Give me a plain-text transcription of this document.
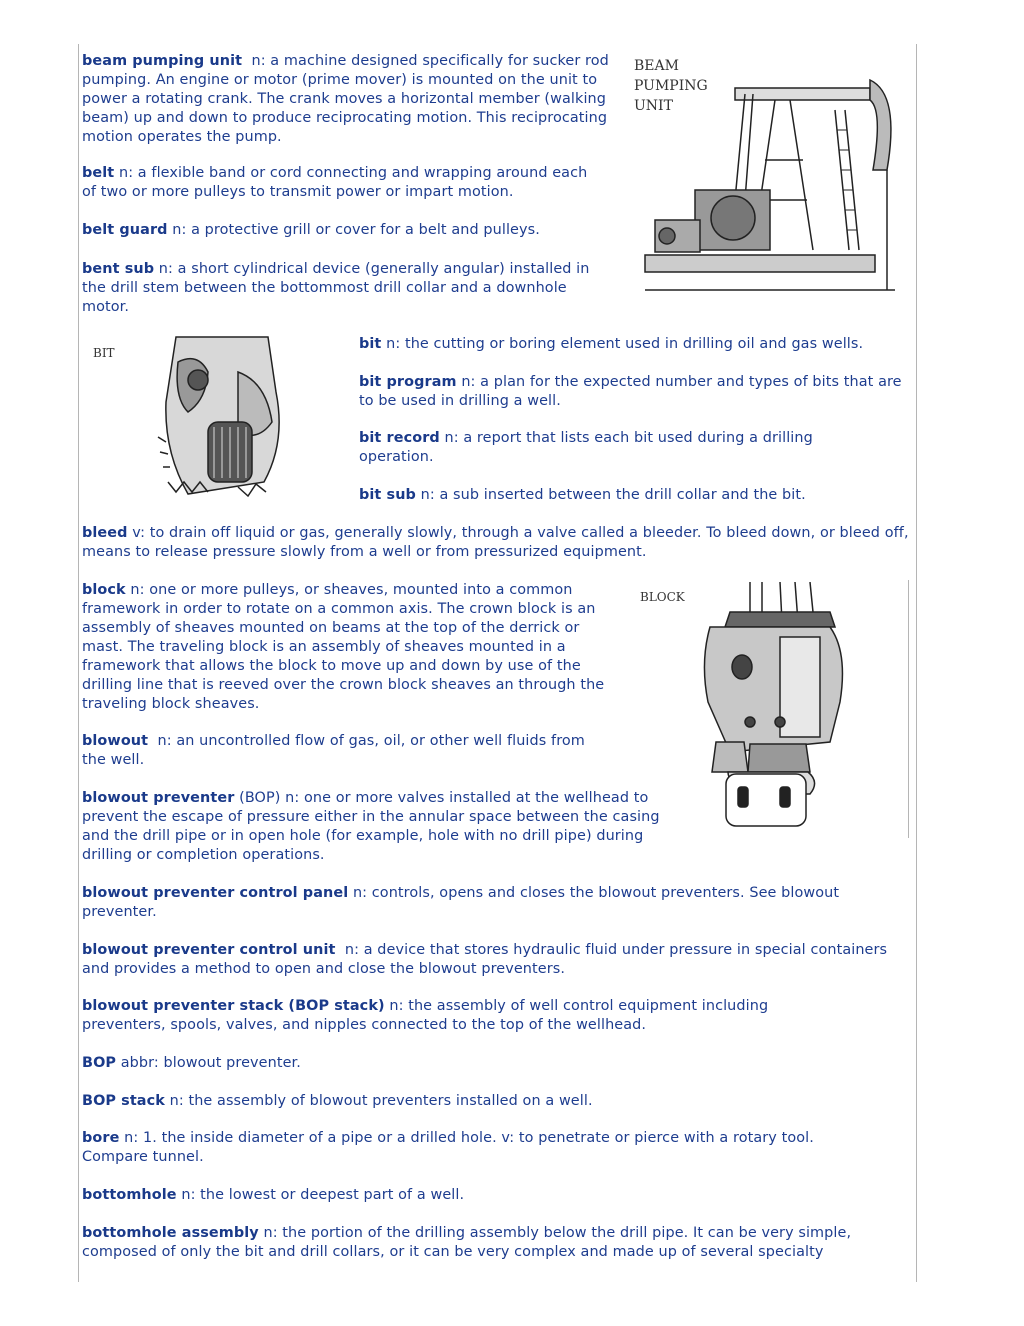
beam pumping unit n: a machine designed specifically for sucker rod pumping. An engine or motor (prime mover) is mounted on the unit to power a rotating crank. The crank moves a horizontal member (walking beam) up and down to produce reciprocating motion. This reciprocating motion operates the pump.

belt n: a flexible band or cord connecting and wrapping around each of two or more pulleys to transmit power or impart motion.

belt guard n: a protective grill or cover for a belt and pulleys.

bent sub n: a short cylindrical device (generally angular) installed in the drill stem between the bottommost drill collar and a downhole motor.

bit n: the cutting or boring element used in drilling oil and gas wells.

bit program n: a plan for the expected number and types of bits that are to be used in drilling a well.

bit record n: a report that lists each bit used during a drilling operation.

bit sub n: a sub inserted between the drill collar and the bit.

bleed v: to drain off liquid or gas, generally slowly, through a valve called a bleeder. To bleed down, or bleed off, means to release pressure slowly from a well or from pressurized equipment.

block n: one or more pulleys, or sheaves, mounted into a common framework in order to rotate on a common axis. The crown block is an assembly of sheaves mounted on beams at the top of the derrick or mast. The traveling block is an assembly of sheaves mounted in a framework that allows the block to move up and down by use of the drilling line that is reeved over the crown block sheaves an through the traveling block sheaves.

blowout n: an uncontrolled flow of gas, oil, or other well fluids from the well.

blowout preventer (BOP) n: one or more valves installed at the wellhead to prevent the escape of pressure either in the annular space between the casing and the drill pipe or in open hole (for example, hole with no drill pipe) during drilling or completion operations.

blowout preventer control panel n: controls, opens and closes the blowout preventers. See blowout preventer.

blowout preventer control unit n: a device that stores hydraulic fluid under pressure in special containers and provides a method to open and close the blowout preventers.

blowout preventer stack (BOP stack) n: the assembly of well control equipment including preventers, spools, valves, and nipples connected to the top of the wellhead.

BOP abbr: blowout preventer.

BOP stack n: the assembly of blowout preventers installed on a well.

bore n: 1. the inside diameter of a pipe or a drilled hole. v: to penetrate or pierce with a rotary tool. Compare tunnel.

bottomhole n: the lowest or deepest part of a well.

bottomhole assembly n: the portion of the drilling assembly below the drill pipe. It can be very simple, composed of only the bit and drill collars, or it can be very complex and made up of several specialty

BEAM
PUMPING
UNIT
BIT
BLOCK
